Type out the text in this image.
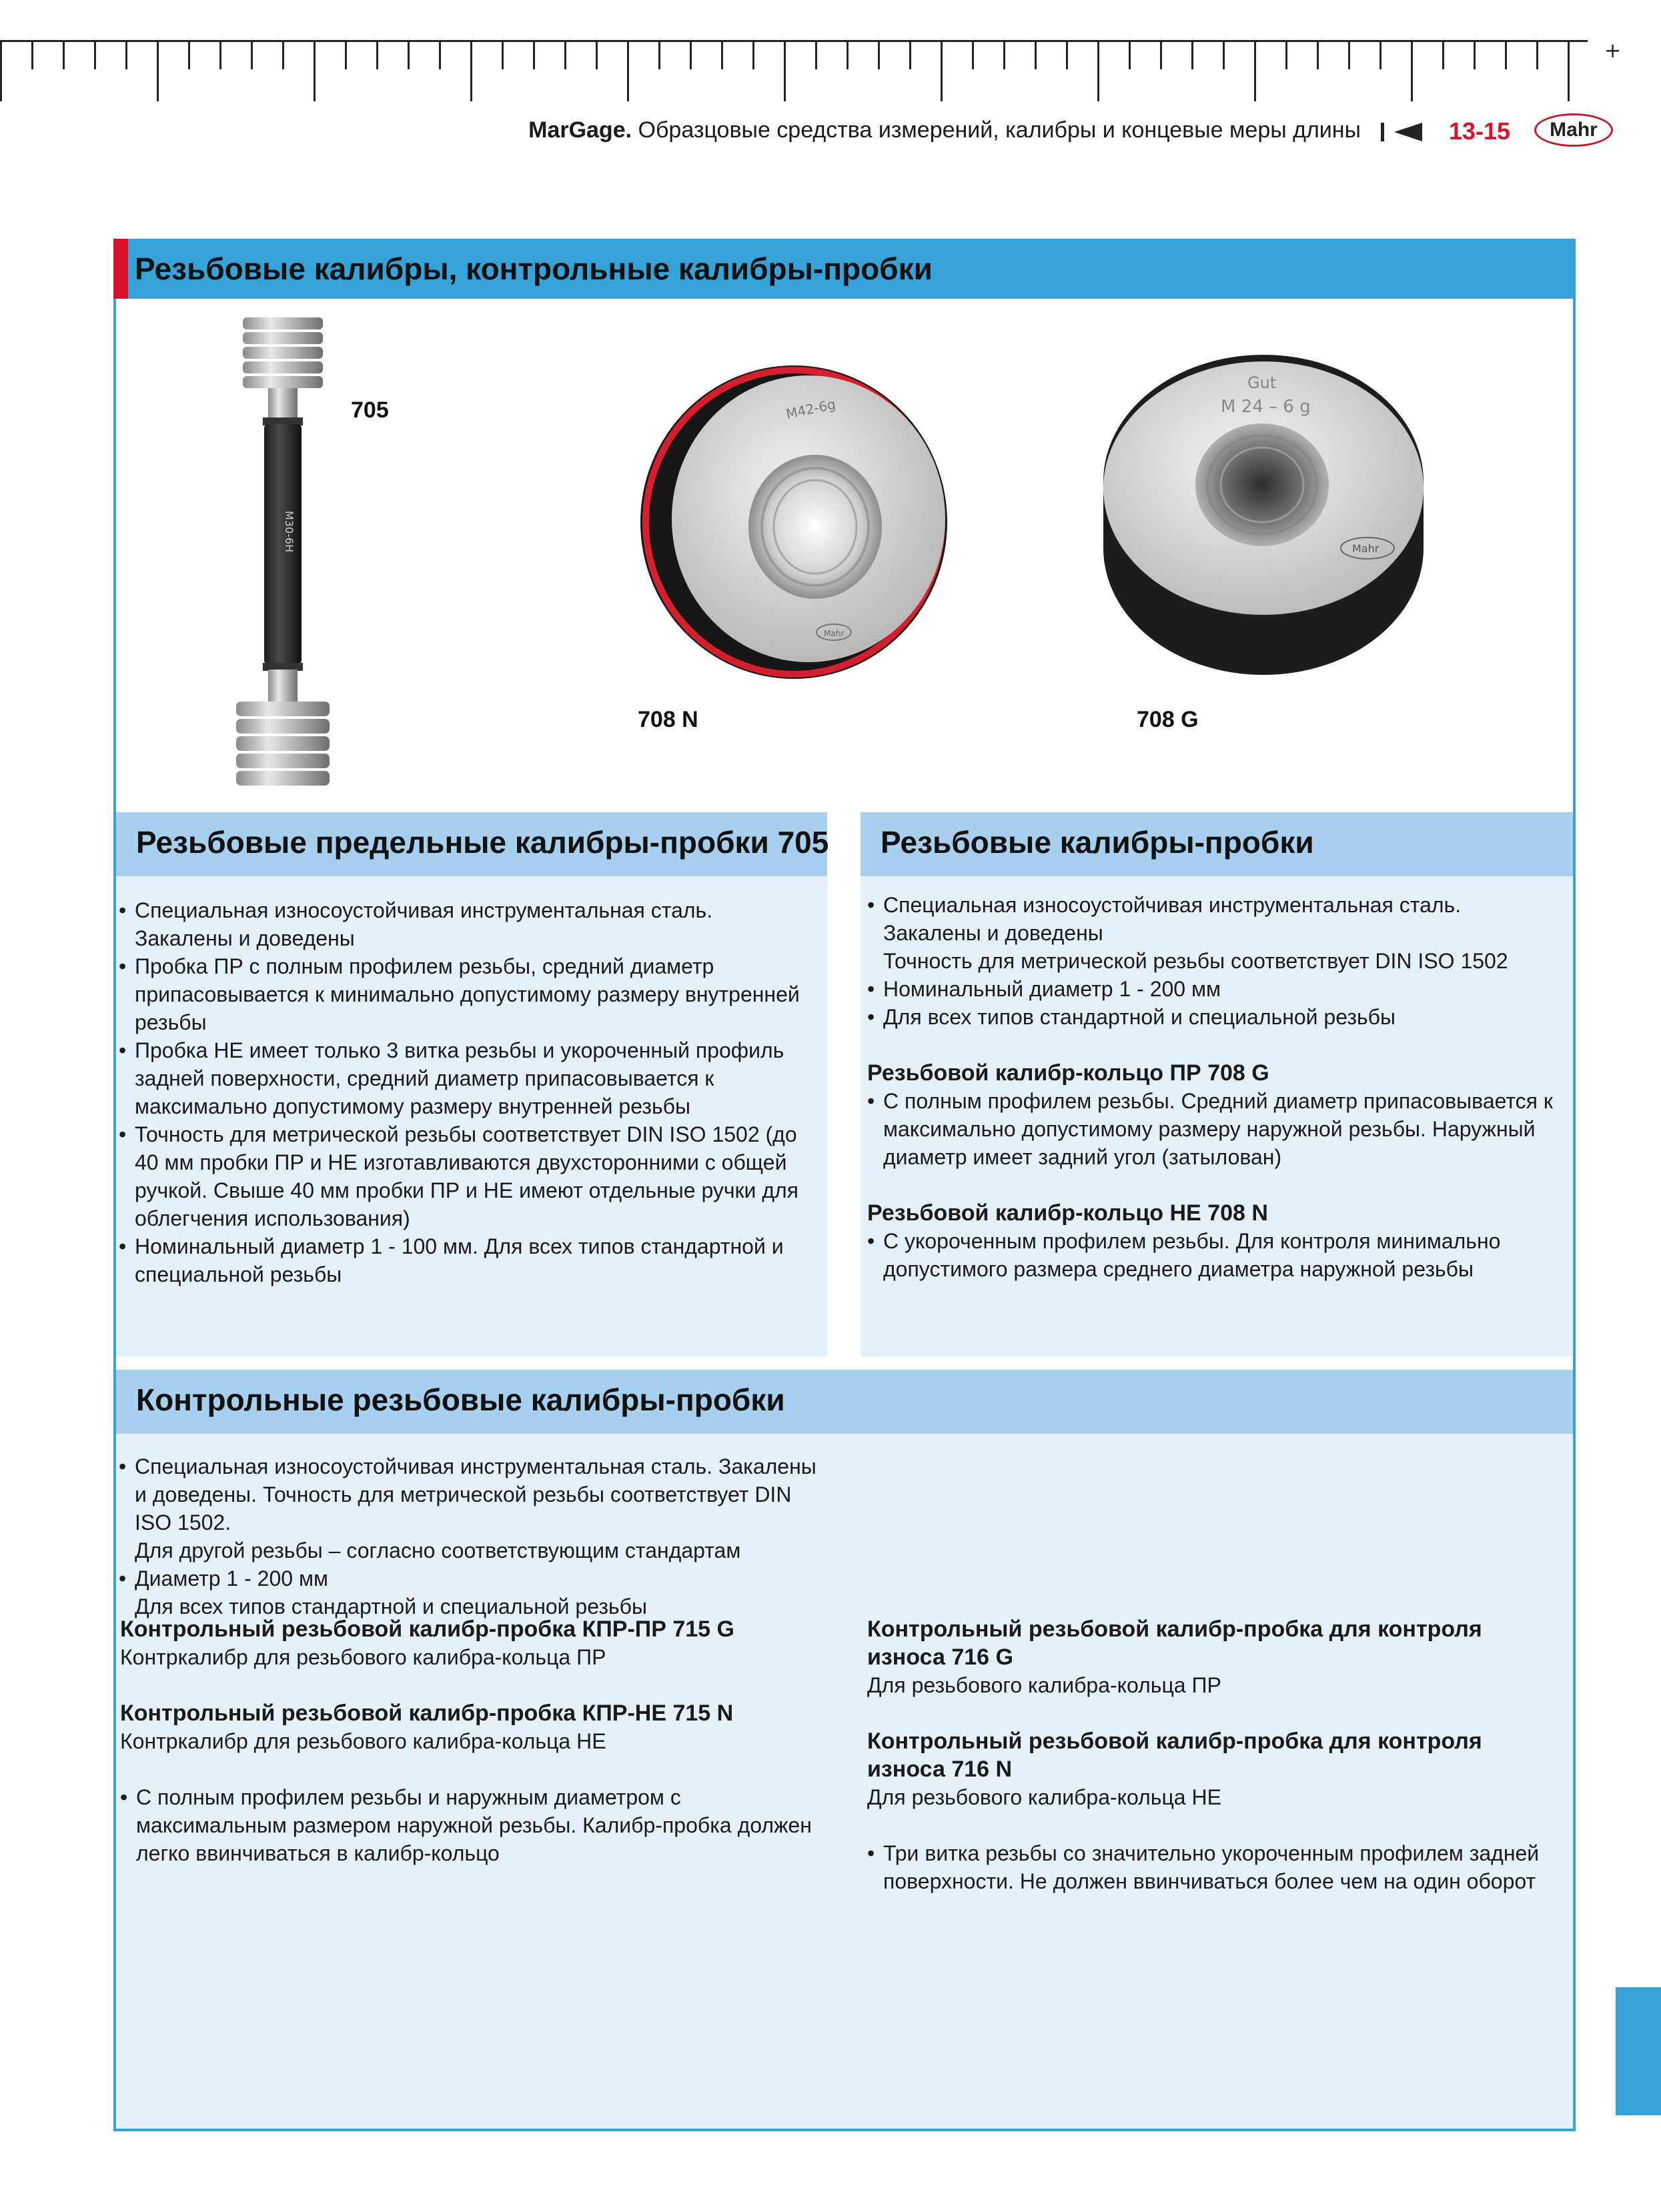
+
MarGage. Образцовые средства измерений, калибры и концевые меры длины	13-15	Mahr
Резьбовые калибры, контрольные калибры-пробки
M30-6H
705	M42-6g
Mahr
708 N
Gut
M 24 – 6 g
Mahr
708 G
Резьбовые предельные калибры-пробки 705
• Специальная износоустойчивая инструментальная сталь. Закалены и доведены
• Пробка ПР с полным профилем резьбы, средний диаметр припасовывается к минимально допустимому размеру внутренней резьбы
• Пробка НЕ имеет только 3 витка резьбы и укороченный профиль задней поверхности, средний диаметр припасовывается к максимально допустимому размеру внутренней резьбы
• Точность для метрической резьбы соответствует DIN ISO 1502 (до 40 мм пробки ПР и НЕ изготавливаются двухсторонними с общей ручкой. Свыше 40 мм пробки ПР и НЕ имеют отдельные ручки для облегчения использования)
• Номинальный диаметр 1 - 100 мм. Для всех типов стандартной и специальной резьбы
Резьбовые калибры-пробки
• Специальная износоустойчивая инструментальная сталь. Закалены и доведены
Точность для метрической резьбы соответствует DIN ISO 1502
• Номинальный диаметр 1 - 200 мм
• Для всех типов стандартной и специальной резьбы

Резьбовой калибр-кольцо ПР 708 G

• С полным профилем резьбы. Средний диаметр припасовывается к максимально допустимому размеру наружной резьбы. Наружный диаметр имеет задний угол (затылован)

Резьбовой калибр-кольцо НЕ 708 N

• С укороченным профилем резьбы. Для контроля минимально допустимого размера среднего диаметра наружной резьбы
Контрольные резьбовые калибры-пробки
• Специальная износоустойчивая инструментальная сталь. Закалены и доведены. Точность для метрической резьбы соответствует DIN ISO 1502.
Для другой резьбы – согласно соответствующим стандартам
• Диаметр 1 - 200 мм
Для всех типов стандартной и специальной резьбы

Контрольный резьбовой калибр-пробка КПР-ПР 715 G

Контркалибр для резьбового калибра-кольца ПР

Контрольный резьбовой калибр-пробка КПР-НЕ 715 N

Контркалибр для резьбового калибра-кольца НЕ

• С полным профилем резьбы и наружным диаметром с максимальным размером наружной резьбы. Калибр-пробка должен легко ввинчиваться в калибр-кольцо

Контрольный резьбовой калибр-пробка для контроля износа 716 G

Для резьбового калибра-кольца ПР

Контрольный резьбовой калибр-пробка для контроля износа 716 N

Для резьбового калибра-кольца НЕ

• Три витка резьбы со значительно укороченным профилем задней поверхности. Не должен ввинчиваться более чем на один оборот
